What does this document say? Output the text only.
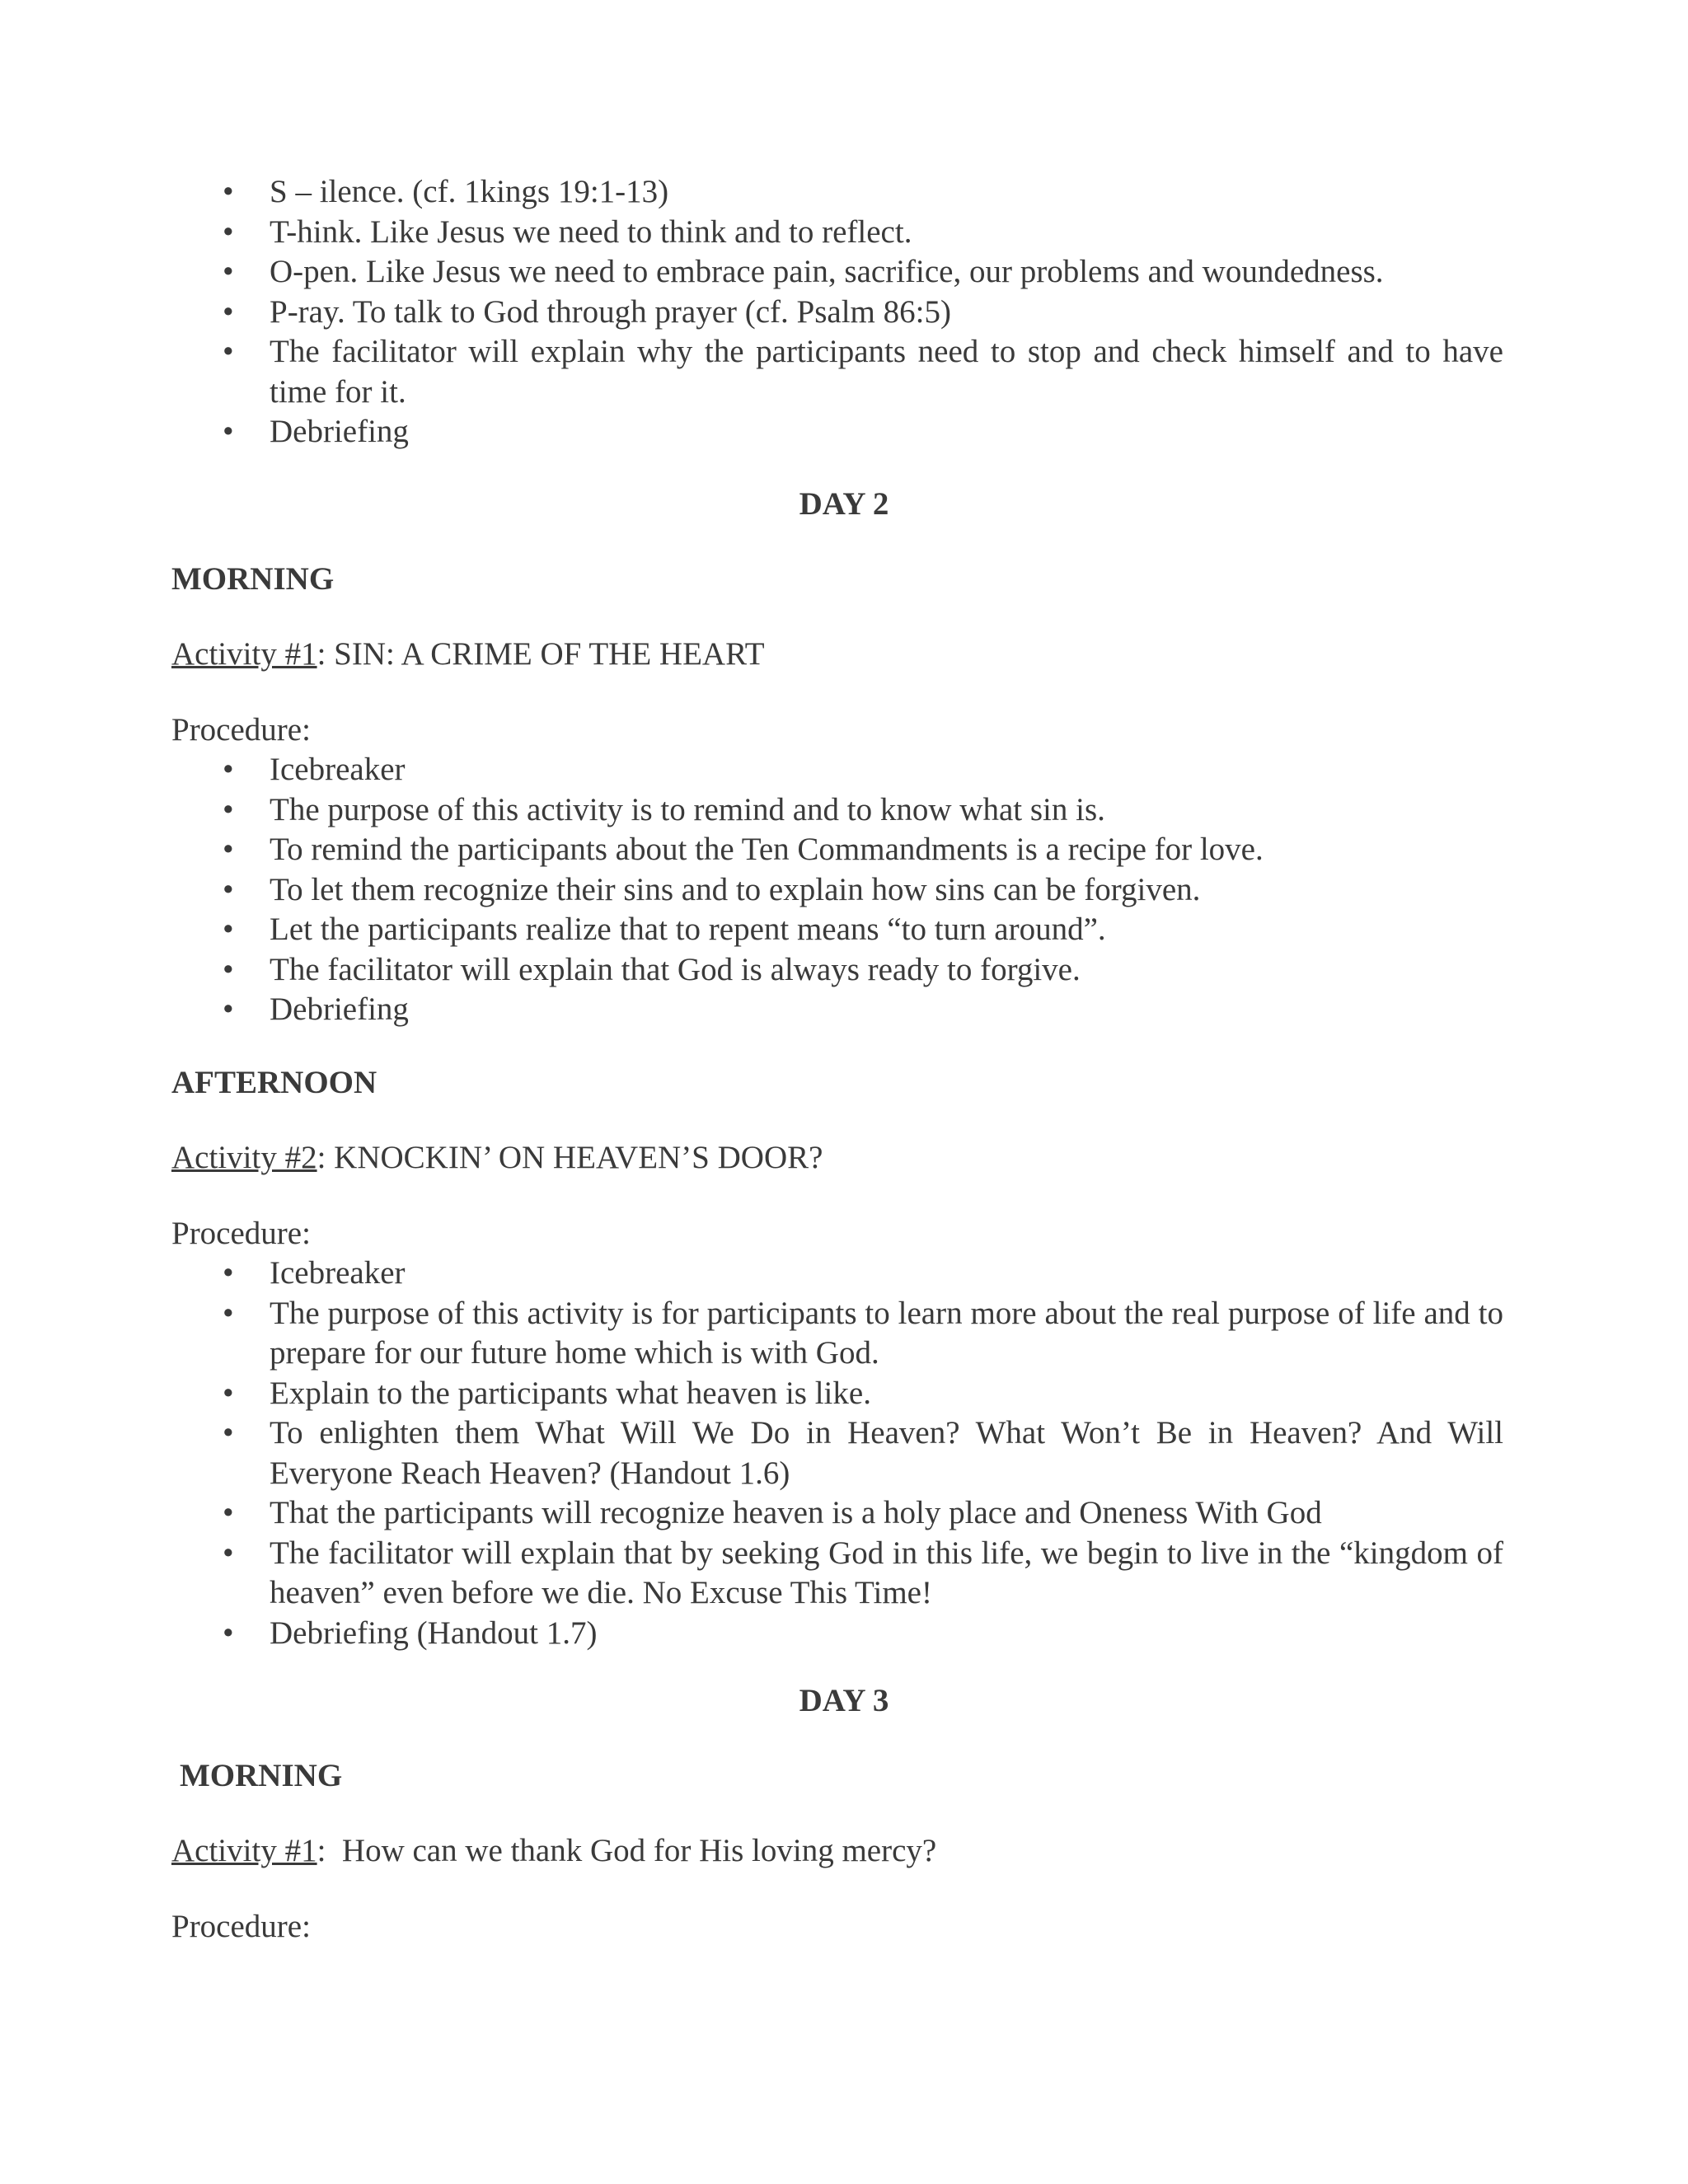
• S – ilence. (cf. 1kings 19:1-13)
• T-hink. Like Jesus we need to think and to reflect.
• O-pen. Like Jesus we need to embrace pain, sacrifice, our problems and woundedness.
• P-ray. To talk to God through prayer (cf. Psalm 86:5)
• The facilitator will explain why the participants need to stop and check himself and to have time for it.
• Debriefing
DAY 2
MORNING
Activity #1: SIN: A CRIME OF THE HEART
Procedure:
• Icebreaker
• The purpose of this activity is to remind and to know what sin is.
• To remind the participants about the Ten Commandments is a recipe for love.
• To let them recognize their sins and to explain how sins can be forgiven.
• Let the participants realize that to repent means “to turn around”.
• The facilitator will explain that God is always ready to forgive.
• Debriefing
AFTERNOON
Activity #2: KNOCKIN’ ON HEAVEN’S DOOR?
Procedure:
• Icebreaker
• The purpose of this activity is for participants to learn more about the real purpose of life and to prepare for our future home which is with God.
• Explain to the participants what heaven is like.
• To enlighten them What Will We Do in Heaven? What Won’t Be in Heaven? And Will Everyone Reach Heaven? (Handout 1.6)
• That the participants will recognize heaven is a holy place and Oneness With God
• The facilitator will explain that by seeking God in this life, we begin to live in the “kingdom of heaven” even before we die. No Excuse This Time!
• Debriefing (Handout 1.7)
DAY 3
MORNING
Activity #1:  How can we thank God for His loving mercy?
Procedure:
